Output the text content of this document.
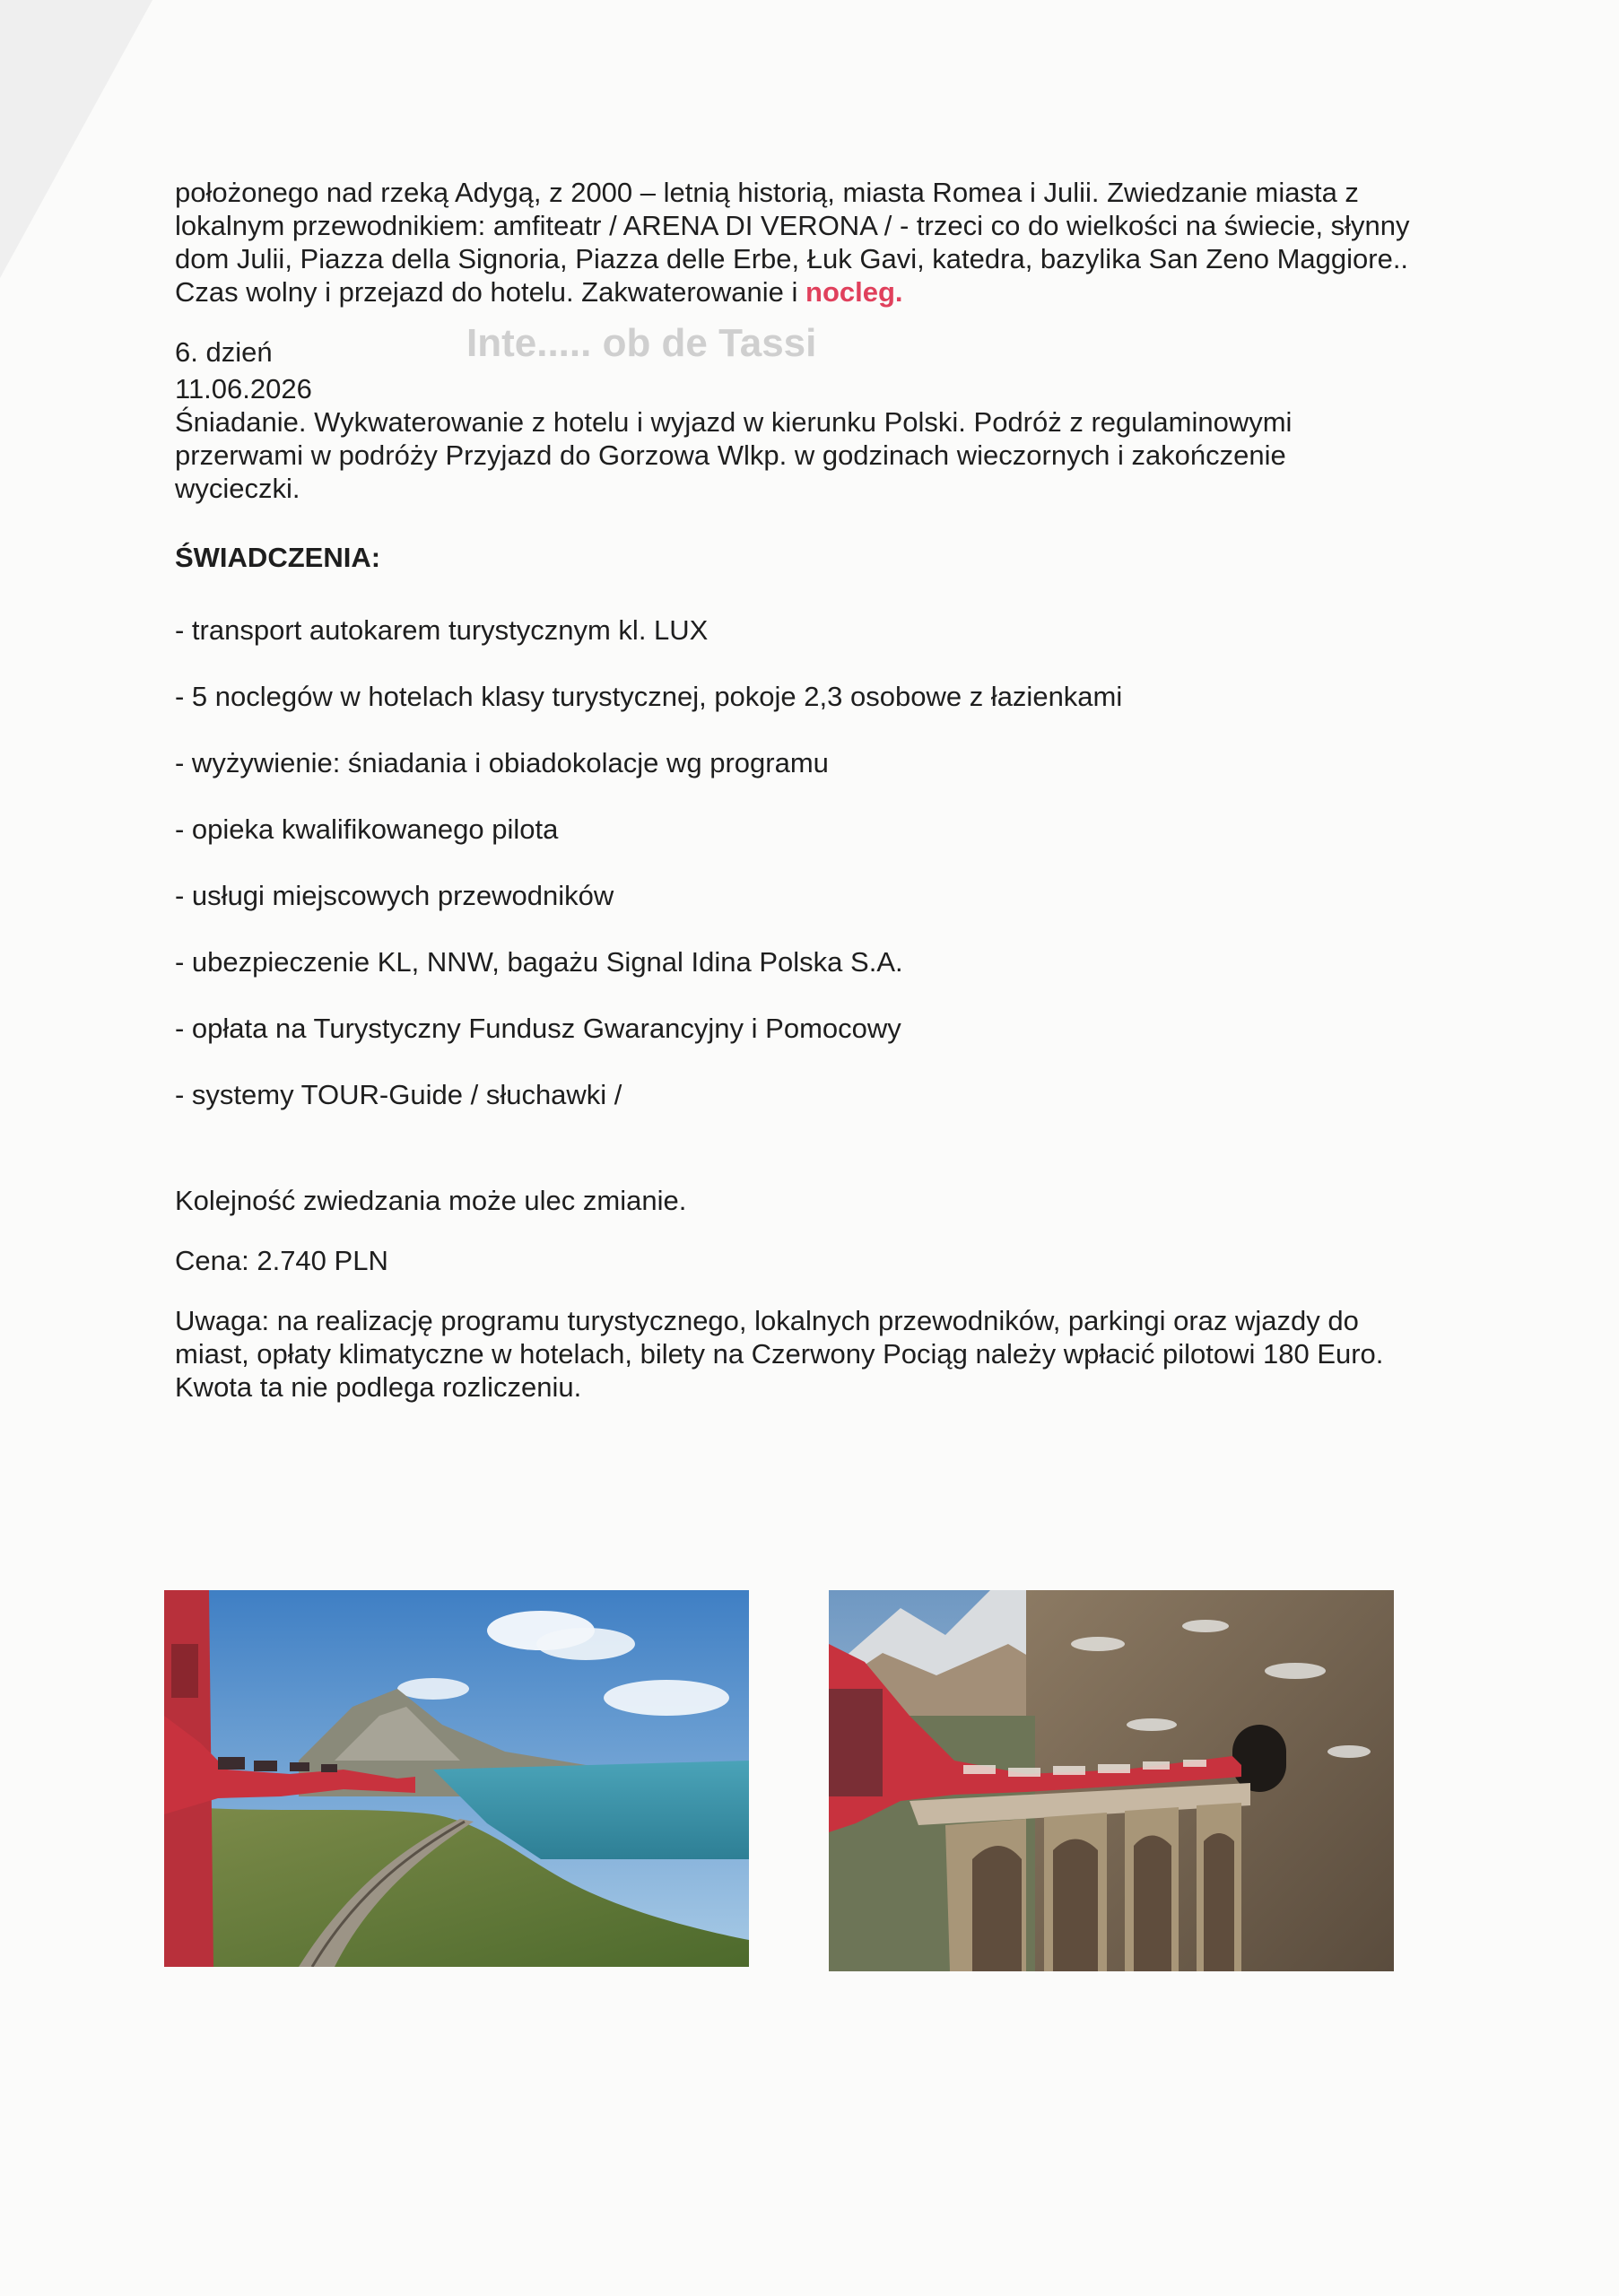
Inte..... ob de Tassi

położonego nad rzeką Adygą, z 2000 – letnią historią, miasta Romea i Julii. Zwiedzanie miasta z lokalnym przewodnikiem: amfiteatr / ARENA DI VERONA / - trzeci co do wielkości na świecie, słynny dom Julii, Piazza della Signoria, Piazza delle Erbe, Łuk Gavi, katedra, bazylika San Zeno Maggiore.. Czas wolny i przejazd do hotelu. Zakwaterowanie i nocleg.

6. dzień

11.06.2026

Śniadanie. Wykwaterowanie z hotelu i wyjazd w kierunku Polski. Podróż z regulaminowymi przerwami w podróży Przyjazd do Gorzowa Wlkp. w godzinach wieczornych i zakończenie wycieczki.

ŚWIADCZENIA:

- transport autokarem turystycznym kl. LUX

- 5 noclegów w hotelach klasy turystycznej, pokoje 2,3 osobowe z łazienkami

- wyżywienie: śniadania i obiadokolacje wg programu

- opieka kwalifikowanego pilota

- usługi miejscowych przewodników

- ubezpieczenie KL, NNW, bagażu Signal Idina Polska S.A.

- opłata na Turystyczny Fundusz Gwarancyjny i Pomocowy

- systemy TOUR-Guide / słuchawki /

Kolejność zwiedzania może ulec zmianie.

Cena: 2.740 PLN

Uwaga: na realizację programu turystycznego, lokalnych przewodników, parkingi oraz wjazdy do miast, opłaty klimatyczne w hotelach, bilety na Czerwony Pociąg należy wpłacić pilotowi 180 Euro. Kwota ta nie podlega rozliczeniu.
